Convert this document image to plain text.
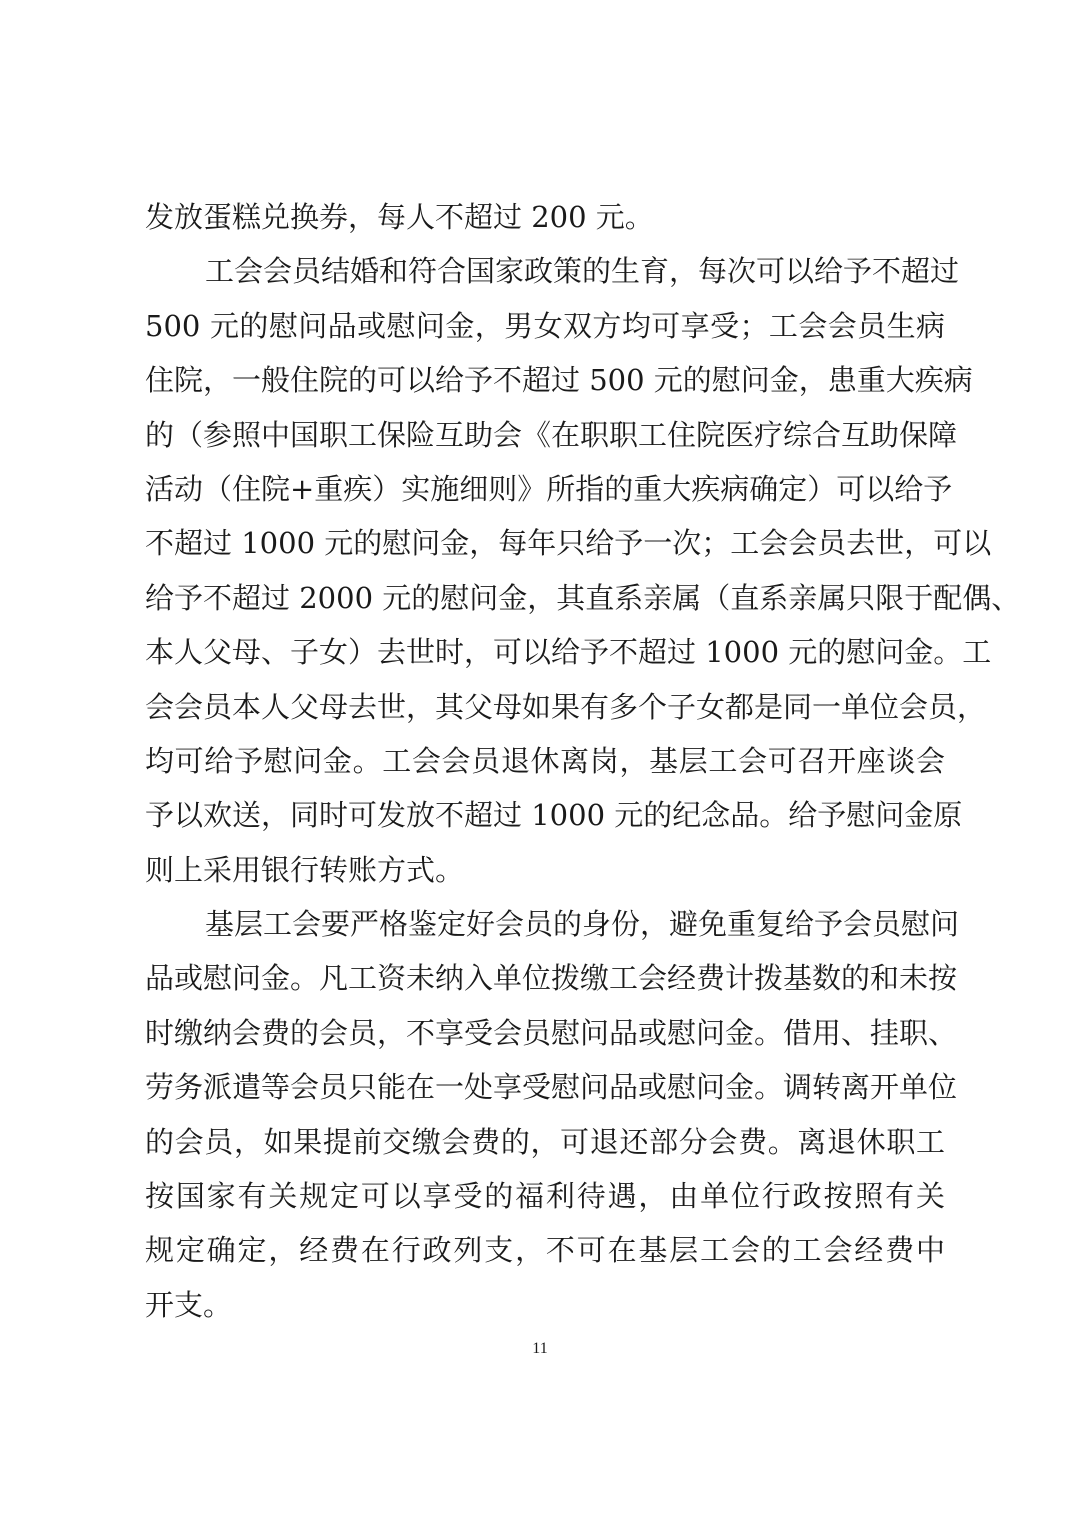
发放蛋糕兑换券，每人不超过 200 元。
工会会员结婚和符合国家政策的生育，每次可以给予不超过
500 元的慰问品或慰问金，男女双方均可享受；工会会员生病
住院，一般住院的可以给予不超过 500 元的慰问金，患重大疾病
的（参照中国职工保险互助会《在职职工住院医疗综合互助保障
活动（住院+重疾）实施细则》所指的重大疾病确定）可以给予
不超过 1000 元的慰问金，每年只给予一次；工会会员去世，可以
给予不超过 2000 元的慰问金，其直系亲属（直系亲属只限于配偶、
本人父母、子女）去世时，可以给予不超过 1000 元的慰问金。工
会会员本人父母去世，其父母如果有多个子女都是同一单位会员，
均可给予慰问金。工会会员退休离岗，基层工会可召开座谈会
予以欢送，同时可发放不超过 1000 元的纪念品。给予慰问金原
则上采用银行转账方式。
基层工会要严格鉴定好会员的身份，避免重复给予会员慰问
品或慰问金。凡工资未纳入单位拨缴工会经费计拨基数的和未按
时缴纳会费的会员，不享受会员慰问品或慰问金。借用、挂职、
劳务派遣等会员只能在一处享受慰问品或慰问金。调转离开单位
的会员，如果提前交缴会费的，可退还部分会费。离退休职工
按国家有关规定可以享受的福利待遇，由单位行政按照有关
规定确定，经费在行政列支，不可在基层工会的工会经费中
开支。
11
